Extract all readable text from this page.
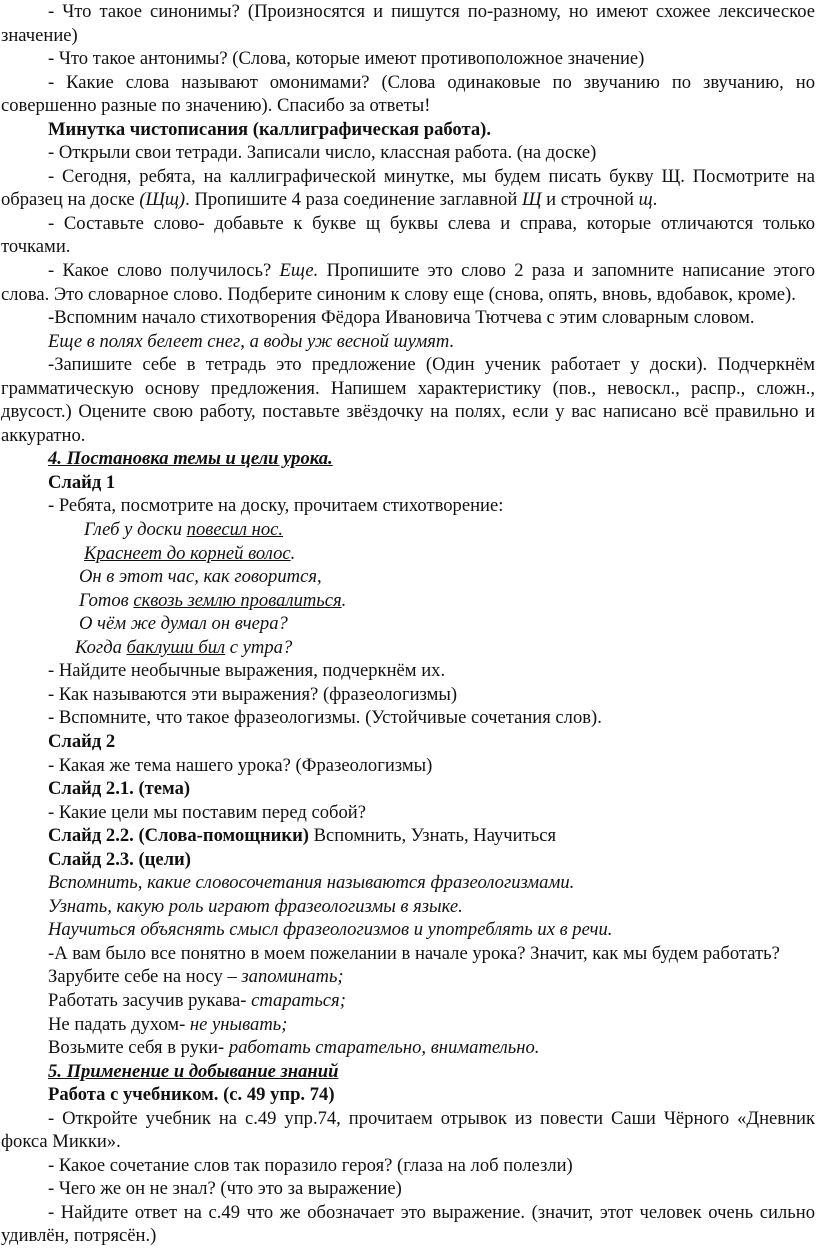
- Что такое синонимы? (Произносятся и пишутся по-разному, но имеют схожее лексическое значение)

- Что такое антонимы? (Слова, которые имеют противоположное значение)

- Какие слова называют омонимами? (Слова одинаковые по звучанию по звучанию, но совершенно разные по значению). Спасибо за ответы!

Минутка чистописания (каллиграфическая работа).

- Открыли свои тетради. Записали число, классная работа. (на доске)

- Сегодня, ребята, на каллиграфической минутке, мы будем писать букву Щ. Посмотрите на образец на доске (Щщ). Пропишите 4 раза соединение заглавной Щ и строчной щ.

- Составьте слово- добавьте к букве щ буквы слева и справа, которые отличаются только точками.

- Какое слово получилось? Еще. Пропишите это слово 2 раза и запомните написание этого слова. Это словарное слово. Подберите синоним к слову еще (снова, опять, вновь, вдобавок, кроме).

-Вспомним начало стихотворения Фёдора Ивановича Тютчева с этим словарным словом.

Еще в полях белеет снег, а воды уж весной шумят.

-Запишите себе в тетрадь это предложение (Один ученик работает у доски). Подчеркнём грамматическую основу предложения. Напишем характеристику (пов., невоскл., распр., сложн., двусост.) Оцените свою работу, поставьте звёздочку на полях, если у вас написано всё правильно и аккуратно.

4. Постановка темы и цели урока.

Слайд 1

- Ребята, посмотрите на доску, прочитаем стихотворение:

Глеб у доски повесил нос.

Краснеет до корней волос.

Он в этот час, как говорится,

Готов сквозь землю провалиться.

О чём же думал он вчера?

Когда баклуши бил с утра?

- Найдите необычные выражения, подчеркнём их.

- Как называются эти выражения? (фразеологизмы)

- Вспомните, что такое фразеологизмы. (Устойчивые сочетания слов).

Слайд 2

- Какая же тема нашего урока? (Фразеологизмы)

Слайд 2.1. (тема)

- Какие цели мы поставим перед собой?

Слайд 2.2. (Слова-помощники) Вспомнить, Узнать, Научиться

Слайд 2.3. (цели)

Вспомнить, какие словосочетания называются фразеологизмами.

Узнать, какую роль играют фразеологизмы в языке.

Научиться объяснять смысл фразеологизмов и употреблять их в речи.

-А вам было все понятно в моем пожелании в начале урока? Значит, как мы будем работать?

Зарубите себе на носу – запоминать;

Работать засучив рукава- стараться;

Не падать духом- не унывать;

Возьмите себя в руки- работать старательно, внимательно.

5. Применение и добывание знаний

Работа с учебником. (с. 49 упр. 74)

- Откройте учебник на с.49 упр.74, прочитаем отрывок из повести Саши Чёрного «Дневник фокса Микки».

- Какое сочетание слов так поразило героя? (глаза на лоб полезли)

- Чего же он не знал? (что это за выражение)

- Найдите ответ на с.49 что же обозначает это выражение. (значит, этот человек очень сильно удивлён, потрясён.)
